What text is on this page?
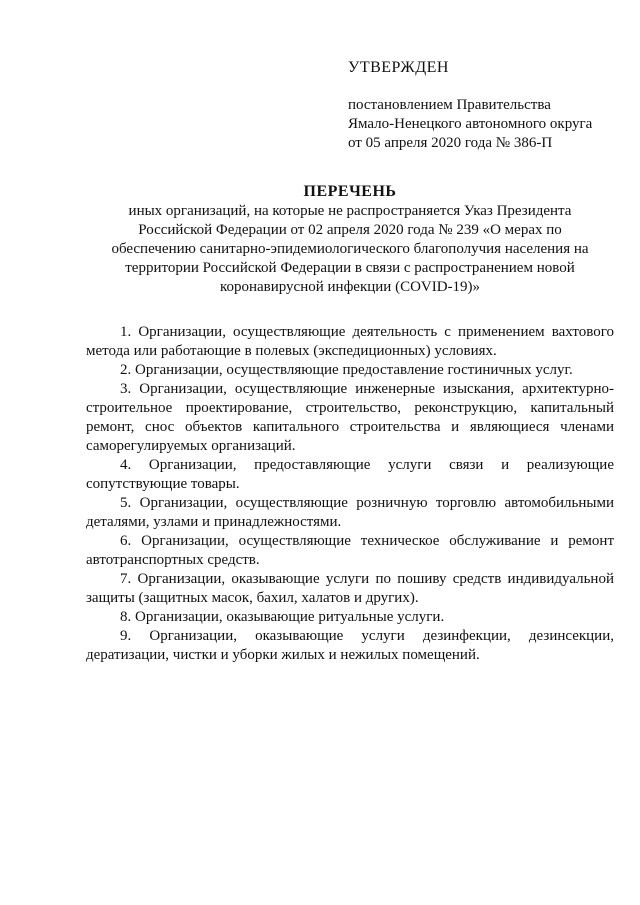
УТВЕРЖДЕН
постановлением Правительства
Ямало-Ненецкого автономного округа
от 05 апреля 2020 года № 386-П
ПЕРЕЧЕНЬ
иных организаций, на которые не распространяется Указ Президента
Российской Федерации от 02 апреля 2020 года № 239 «О мерах по
обеспечению санитарно-эпидемиологического благополучия населения на
территории Российской Федерации в связи с распространением новой
коронавирусной инфекции (COVID-19)»

1. Организации, осуществляющие деятельность с применением вахтового метода или работающие в полевых (экспедиционных) условиях.

2. Организации, осуществляющие предоставление гостиничных услуг.

3. Организации, осуществляющие инженерные изыскания, архитектурно-строительное проектирование, строительство, реконструкцию, капитальный ремонт, снос объектов капитального строительства и являющиеся членами саморегулируемых организаций.

4. Организации, предоставляющие услуги связи и реализующие сопутствующие товары.

5. Организации, осуществляющие розничную торговлю автомобильными деталями, узлами и принадлежностями.

6. Организации, осуществляющие техническое обслуживание и ремонт автотранспортных средств.

7. Организации, оказывающие услуги по пошиву средств индивидуальной защиты (защитных масок, бахил, халатов и других).

8. Организации, оказывающие ритуальные услуги.

9. Организации, оказывающие услуги дезинфекции, дезинсекции, дератизации, чистки и уборки жилых и нежилых помещений.
